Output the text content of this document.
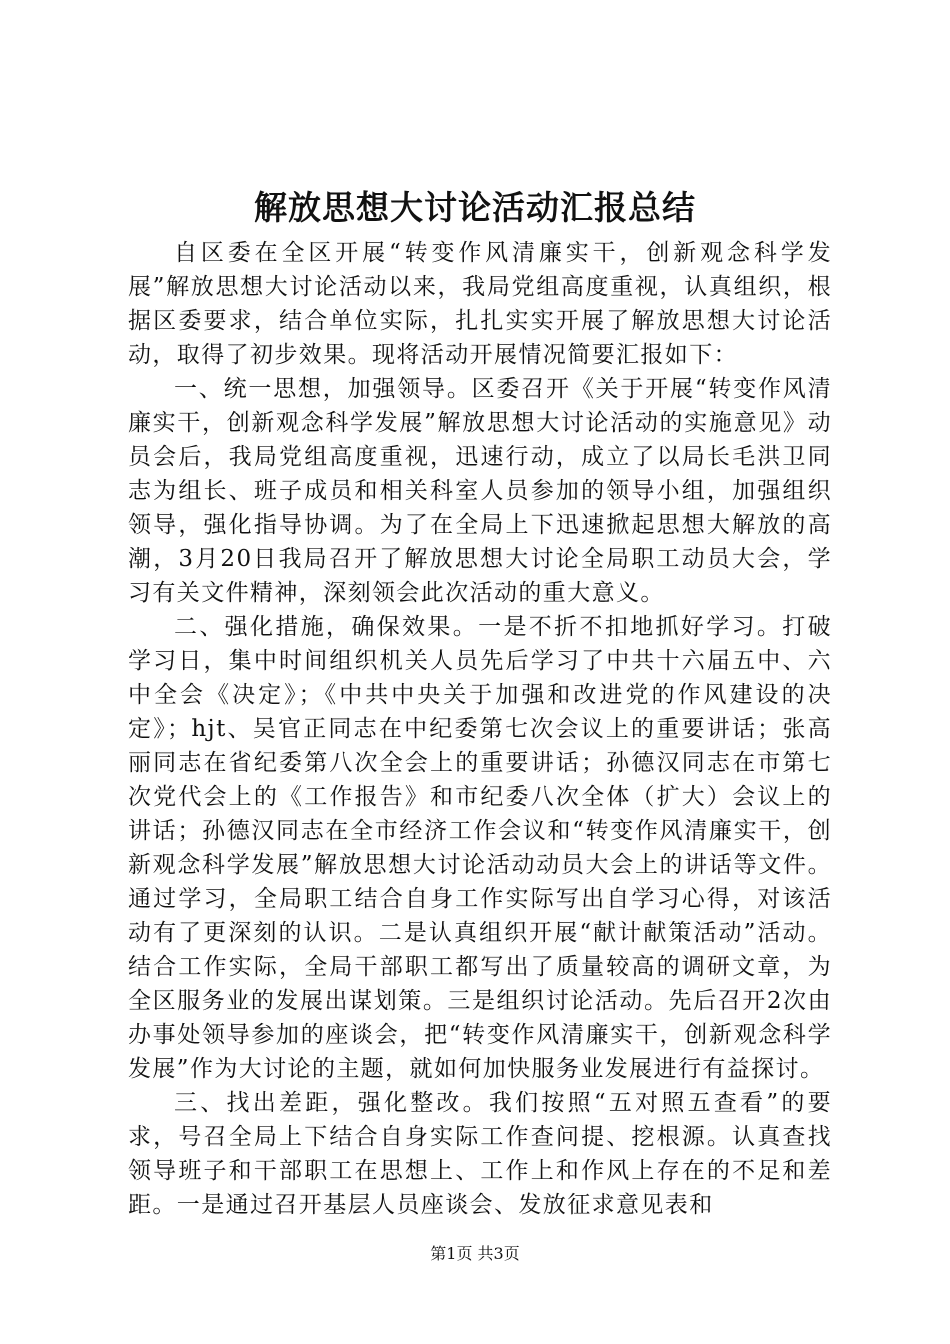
解放思想大讨论活动汇报总结

自区委在全区开展“转变作风清廉实干，创新观念科学发展”解放思想大讨论活动以来，我局党组高度重视，认真组织，根据区委要求，结合单位实际，扎扎实实开展了解放思想大讨论活动，取得了初步效果。现将活动开展情况简要汇报如下：

一、统一思想，加强领导。区委召开《关于开展“转变作风清廉实干，创新观念科学发展”解放思想大讨论活动的实施意见》动员会后，我局党组高度重视，迅速行动，成立了以局长毛洪卫同志为组长、班子成员和相关科室人员参加的领导小组，加强组织领导，强化指导协调。为了在全局上下迅速掀起思想大解放的高潮，3月20日我局召开了解放思想大讨论全局职工动员大会，学习有关文件精神，深刻领会此次活动的重大意义。

二、强化措施，确保效果。一是不折不扣地抓好学习。打破学习日，集中时间组织机关人员先后学习了中共十六届五中、六中全会《决定》；《中共中央关于加强和改进党的作风建设的决定》；hjt、吴官正同志在中纪委第七次会议上的重要讲话；张高丽同志在省纪委第八次全会上的重要讲话；孙德汉同志在市第七次党代会上的《工作报告》和市纪委八次全体（扩大）会议上的讲话；孙德汉同志在全市经济工作会议和“转变作风清廉实干，创新观念科学发展”解放思想大讨论活动动员大会上的讲话等文件。通过学习，全局职工结合自身工作实际写出自学习心得，对该活动有了更深刻的认识。二是认真组织开展“献计献策活动”活动。结合工作实际，全局干部职工都写出了质量较高的调研文章，为全区服务业的发展出谋划策。三是组织讨论活动。先后召开2次由办事处领导参加的座谈会，把“转变作风清廉实干，创新观念科学发展”作为大讨论的主题，就如何加快服务业发展进行有益探讨。

三、找出差距，强化整改。我们按照“五对照五查看”的要求，号召全局上下结合自身实际工作查问提、挖根源。认真查找领导班子和干部职工在思想上、工作上和作风上存在的不足和差距。一是通过召开基层人员座谈会、发放征求意见表和

第1页 共3页
